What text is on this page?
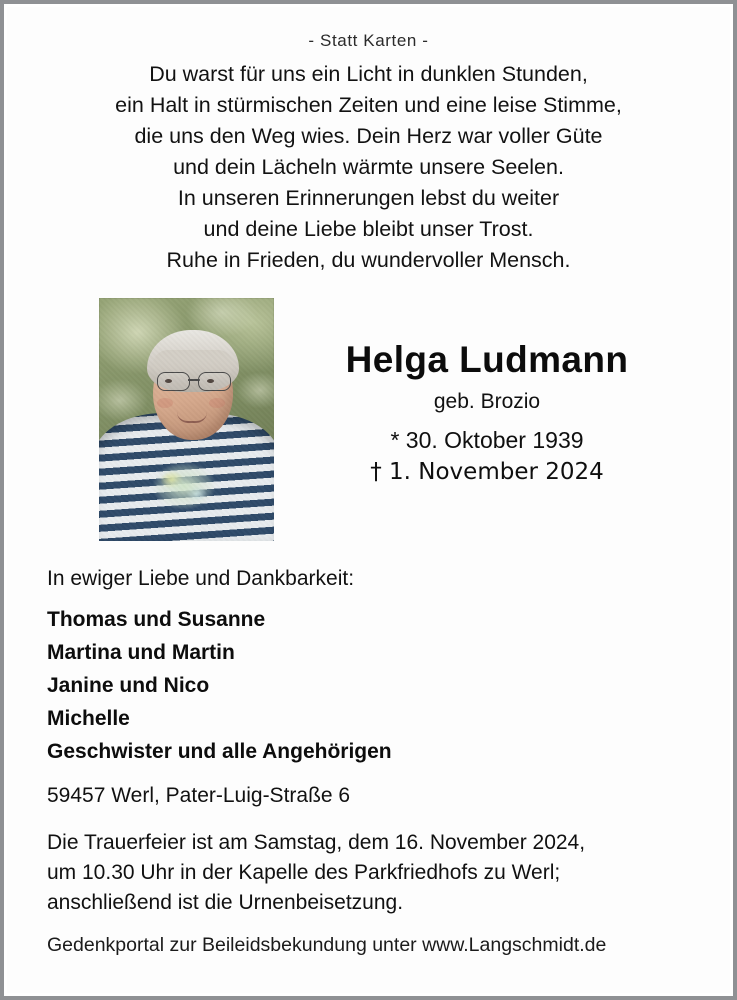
- Statt Karten -
Du warst für uns ein Licht in dunklen Stunden,
ein Halt in stürmischen Zeiten und eine leise Stimme,
die uns den Weg wies. Dein Herz war voller Güte
und dein Lächeln wärmte unsere Seelen.
In unseren Erinnerungen lebst du weiter
und deine Liebe bleibt unser Trost.
Ruhe in Frieden, du wundervoller Mensch.
Helga Ludmann
geb. Brozio
* 30. Oktober 1939
† 1. November 2024
In ewiger Liebe und Dankbarkeit:
Thomas und Susanne
Martina und Martin
Janine und Nico
Michelle
Geschwister und alle Angehörigen
59457 Werl, Pater-Luig-Straße 6
Die Trauerfeier ist am Samstag, dem 16. November 2024,
um 10.30 Uhr in der Kapelle des Parkfriedhofs zu Werl;
anschließend ist die Urnenbeisetzung.
Gedenkportal zur Beileidsbekundung unter www.Langschmidt.de
